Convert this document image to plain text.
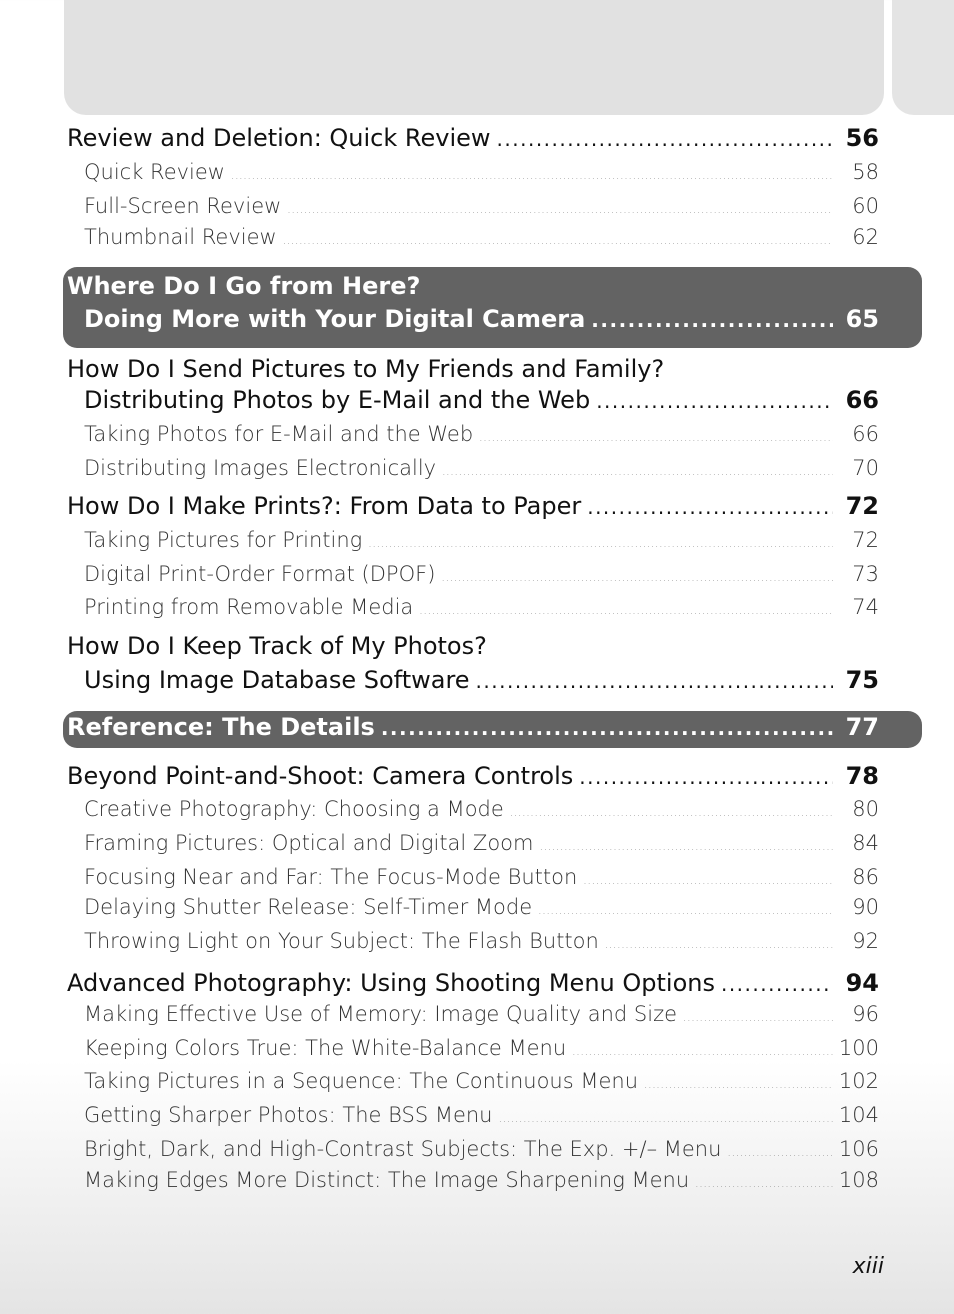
Review and Deletion: Quick Review .....	56
Quick Review .....	58
Full-Screen Review .....	60
Thumbnail Review .....	62
Where Do I Go from Here?
Doing More with Your Digital Camera .....	65
How Do I Send Pictures to My Friends and Family?
Distributing Photos by E-Mail and the Web .....	66
Taking Photos for E-Mail and the Web .....	66
Distributing Images Electronically .....	70
How Do I Make Prints?: From Data to Paper .....	72
Taking Pictures for Printing .....	72
Digital Print-Order Format (DPOF) .....	73
Printing from Removable Media .....	74
How Do I Keep Track of My Photos?
Using Image Database Software .....	75
Reference: The Details .....	77
Beyond Point-and-Shoot: Camera Controls .....	78
Creative Photography: Choosing a Mode .....	80
Framing Pictures: Optical and Digital Zoom .....	84
Focusing Near and Far: The Focus-Mode Button .....	86
Delaying Shutter Release: Self-Timer Mode .....	90
Throwing Light on Your Subject: The Flash Button .....	92
Advanced Photography: Using Shooting Menu Options .....	94
Making Effective Use of Memory: Image Quality and Size .....	96
Keeping Colors True: The White-Balance Menu .....	100
Taking Pictures in a Sequence: The Continuous Menu .....	102
Getting Sharper Photos: The BSS Menu .....	104
Bright, Dark, and High-Contrast Subjects: The Exp. +/– Menu .....	106
Making Edges More Distinct: The Image Sharpening Menu .....	108
xiii
